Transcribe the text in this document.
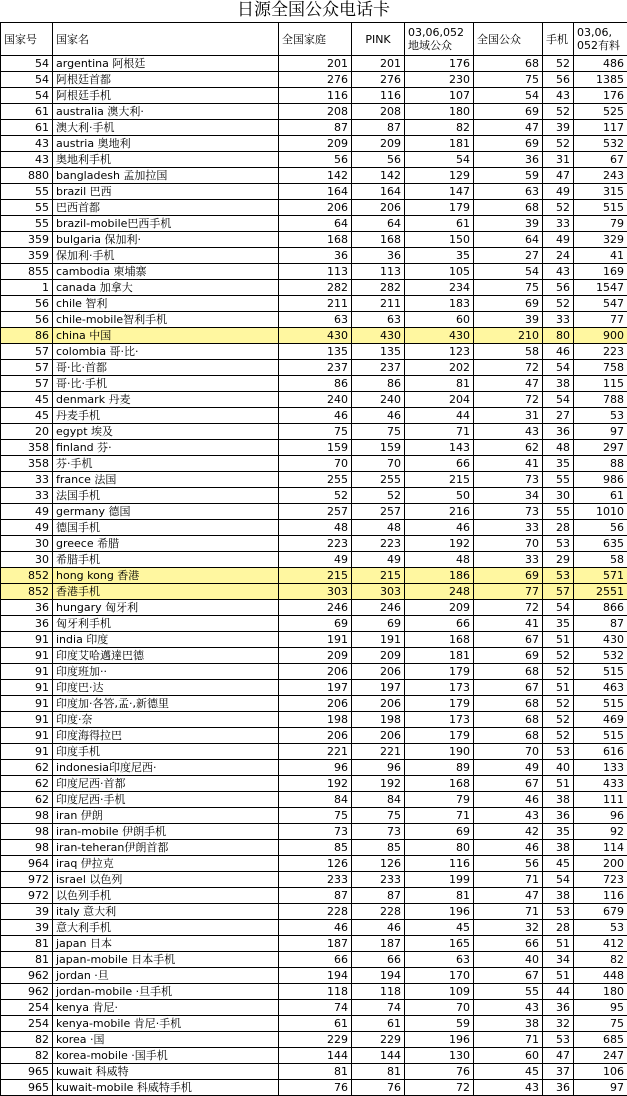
日源全国公众电话卡
国家号	国家名	全国家庭	PINK	03,06,052 地域公众	全国公众	手机	03,06, 052有料
54	argentina 阿根廷	201	201	176	68	52	486
54	阿根廷首都	276	276	230	75	56	1385
54	阿根廷手机	116	116	107	54	43	176
61	australia 澳大利·	208	208	180	69	52	525
61	澳大利·手机	87	87	82	47	39	117
43	austria 奥地利	209	209	181	69	52	532
43	奥地利手机	56	56	54	36	31	67
880	bangladesh 孟加拉国	142	142	129	59	47	243
55	brazil 巴西	164	164	147	63	49	315
55	巴西首都	206	206	179	68	52	515
55	brazil-mobile巴西手机	64	64	61	39	33	79
359	bulgaria 保加利·	168	168	150	64	49	329
359	保加利·手机	36	36	35	27	24	41
855	cambodia 柬埔寨	113	113	105	54	43	169
1	canada 加拿大	282	282	234	75	56	1547
56	chile 智利	211	211	183	69	52	547
56	chile-mobile智利手机	63	63	60	39	33	77
86	china 中国	430	430	430	210	80	900
57	colombia 哥·比·	135	135	123	58	46	223
57	哥·比·首都	237	237	202	72	54	758
57	哥·比·手机	86	86	81	47	38	115
45	denmark 丹麦	240	240	204	72	54	788
45	丹麦手机	46	46	44	31	27	53
20	egypt 埃及	75	75	71	43	36	97
358	finland 芬·	159	159	143	62	48	297
358	芬·手机	70	70	66	41	35	88
33	france 法国	255	255	215	73	55	986
33	法国手机	52	52	50	34	30	61
49	germany 德国	257	257	216	73	55	1010
49	德国手机	48	48	46	33	28	56
30	greece 希腊	223	223	192	70	53	635
30	希腊手机	49	49	48	33	29	58
852	hong kong 香港	215	215	186	69	53	571
852	香港手机	303	303	248	77	57	2551
36	hungary 匈牙利	246	246	209	72	54	866
36	匈牙利手机	69	69	66	41	35	87
91	india 印度	191	191	168	67	51	430
91	印度艾哈邁達巴德	209	209	181	69	52	532
91	印度班加··	206	206	179	68	52	515
91	印度巴·达	197	197	173	67	51	463
91	印度加·各答,孟·,新德里	206	206	179	68	52	515
91	印度·奈	198	198	173	68	52	469
91	印度海得拉巴	206	206	179	68	52	515
91	印度手机	221	221	190	70	53	616
62	indonesia印度尼西·	96	96	89	49	40	133
62	印度尼西·首都	192	192	168	67	51	433
62	印度尼西·手机	84	84	79	46	38	111
98	iran 伊朗	75	75	71	43	36	96
98	iran-mobile 伊朗手机	73	73	69	42	35	92
98	iran-teheran伊朗首都	85	85	80	46	38	114
964	iraq 伊拉克	126	126	116	56	45	200
972	israel 以色列	233	233	199	71	54	723
972	以色列手机	87	87	81	47	38	116
39	italy 意大利	228	228	196	71	53	679
39	意大利手机	46	46	45	32	28	53
81	japan 日本	187	187	165	66	51	412
81	japan-mobile 日本手机	66	66	63	40	34	82
962	jordan ·旦	194	194	170	67	51	448
962	jordan-mobile ·旦手机	118	118	109	55	44	180
254	kenya 肯尼·	74	74	70	43	36	95
254	kenya-mobile 肯尼·手机	61	61	59	38	32	75
82	korea ·国	229	229	196	71	53	685
82	korea-mobile ·国手机	144	144	130	60	47	247
965	kuwait 科威特	81	81	76	45	37	106
965	kuwait-mobile 科威特手机	76	76	72	43	36	97
